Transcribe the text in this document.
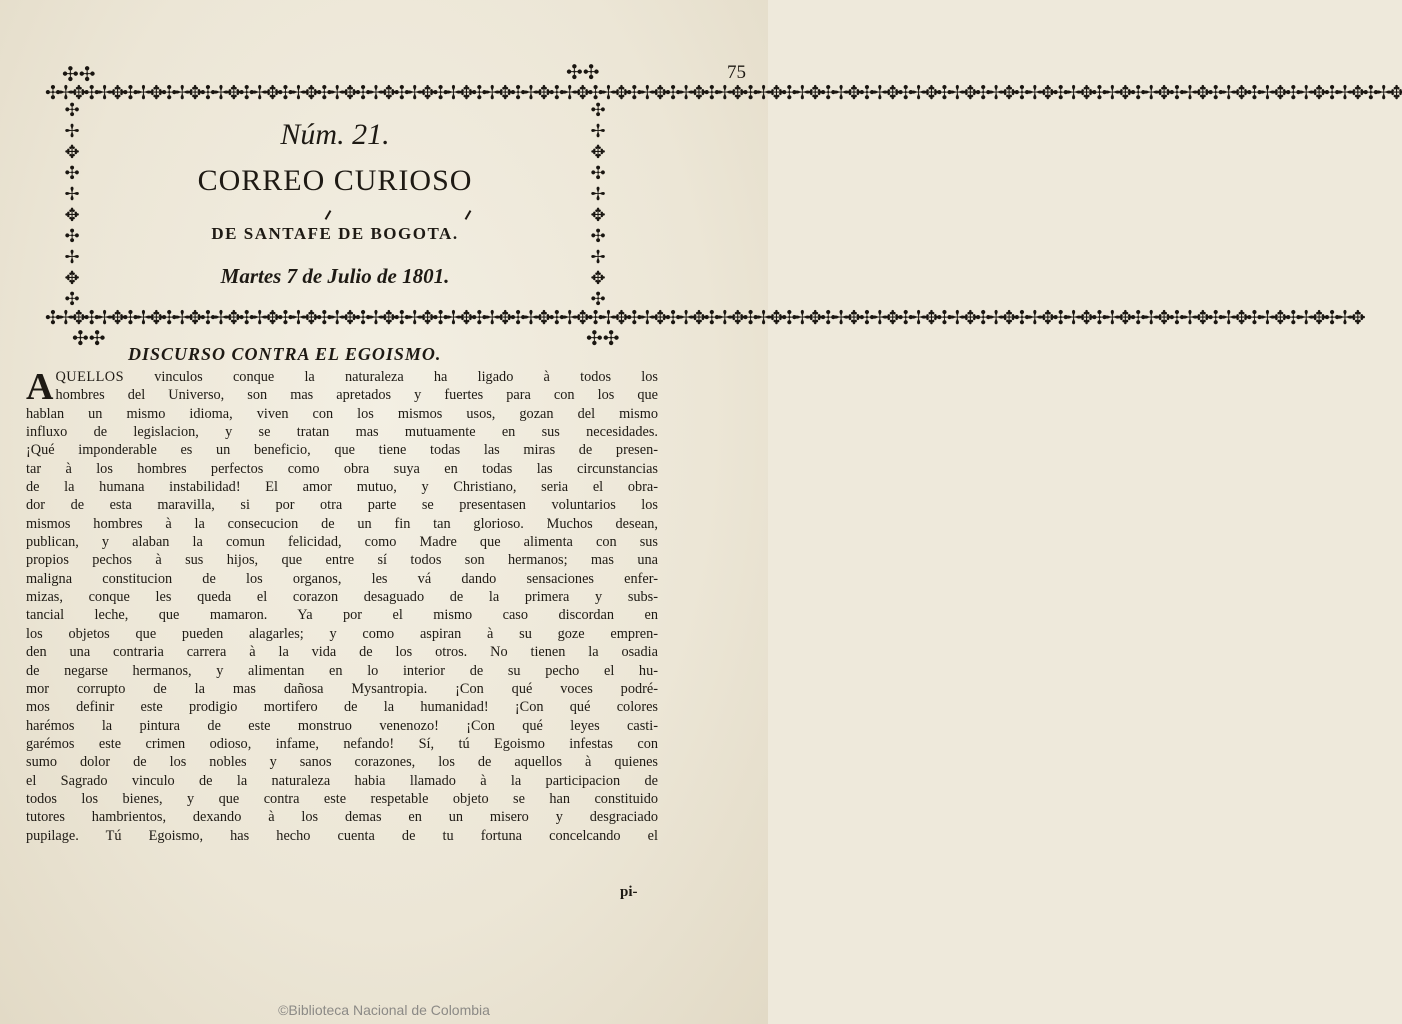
75
✣✣	✣✣
✣✣	✣✣
✣✢✥✣✢✥✣✢✥✣✢✥✣✢✥✣✢✥✣✢✥✣✢✥✣✢✥✣✢✥✣✢✥✣✢✥✣✢✥✣✢✥✣✢✥✣✢✥✣✢✥✣✢✥✣✢✥✣✢✥✣✢✥✣✢✥✣✢✥✣✢✥✣✢✥✣✢✥✣✢✥✣✢✥✣✢✥✣✢✥✣✢✥✣✢✥✣✢✥✣✢✥✣✢✥
✣✢✥✣✢✥✣✢✥✣✢✥✣✢✥✣✢✥✣✢✥✣✢✥✣✢✥✣✢✥✣✢✥✣✢✥✣✢✥✣✢✥✣✢✥✣✢✥✣✢✥✣✢✥✣✢✥✣✢✥✣✢✥✣✢✥✣✢✥✣✢✥✣✢✥✣✢✥✣✢✥✣✢✥✣✢✥✣✢✥✣✢✥✣✢✥✣✢✥✣✢✥
✣
✢
✥
✣
✢
✥
✣
✢
✥
✣
✣
✢
✥
✣
✢
✥
✣
✢
✥
✣
Núm. 21.
CORREO CURIOSO
DE SANTAFE DE BOGOTA.
Martes 7 de Julio de 1801.
DISCURSO CONTRA EL EGOISMO.
AQUELLOS vinculos conque la naturaleza ha ligado à todos los
hombres del Universo, son mas apretados y fuertes para con los que
hablan un mismo idioma, viven con los mismos usos, gozan del mismo
influxo de legislacion, y se tratan mas mutuamente en sus necesidades.
¡Qué imponderable es un beneficio, que tiene todas las miras de presen-
tar à los hombres perfectos como obra suya en todas las circunstancias
de la humana instabilidad! El amor mutuo, y Christiano, seria el obra-
dor de esta maravilla, si por otra parte se presentasen voluntarios los
mismos hombres à la consecucion de un fin tan glorioso. Muchos desean,
publican, y alaban la comun felicidad, como Madre que alimenta con sus
propios pechos à sus hijos, que entre sí todos son hermanos; mas una
maligna constitucion de los organos, les vá dando sensaciones enfer-
mizas, conque les queda el corazon desaguado de la primera y subs-
tancial leche, que mamaron. Ya por el mismo caso discordan en
los objetos que pueden alagarles; y como aspiran à su goze empren-
den una contraria carrera à la vida de los otros. No tienen la osadia
de negarse hermanos, y alimentan en lo interior de su pecho el hu-
mor corrupto de la mas dañosa Mysantropia. ¡Con qué voces podré-
mos definir este prodigio mortifero de la humanidad! ¡Con qué colores
harémos la pintura de este monstruo venenozo! ¡Con qué leyes casti-
garémos este crimen odioso, infame, nefando! Sí, tú Egoismo infestas con
sumo dolor de los nobles y sanos corazones, los de aquellos à quienes
el Sagrado vinculo de la naturaleza habia llamado à la participacion de
todos los bienes, y que contra este respetable objeto se han constituido
tutores hambrientos, dexando à los demas en un misero y desgraciado
pupilage. Tú Egoismo, has hecho cuenta de tu fortuna concelcando el
pi-
©Biblioteca Nacional de Colombia
